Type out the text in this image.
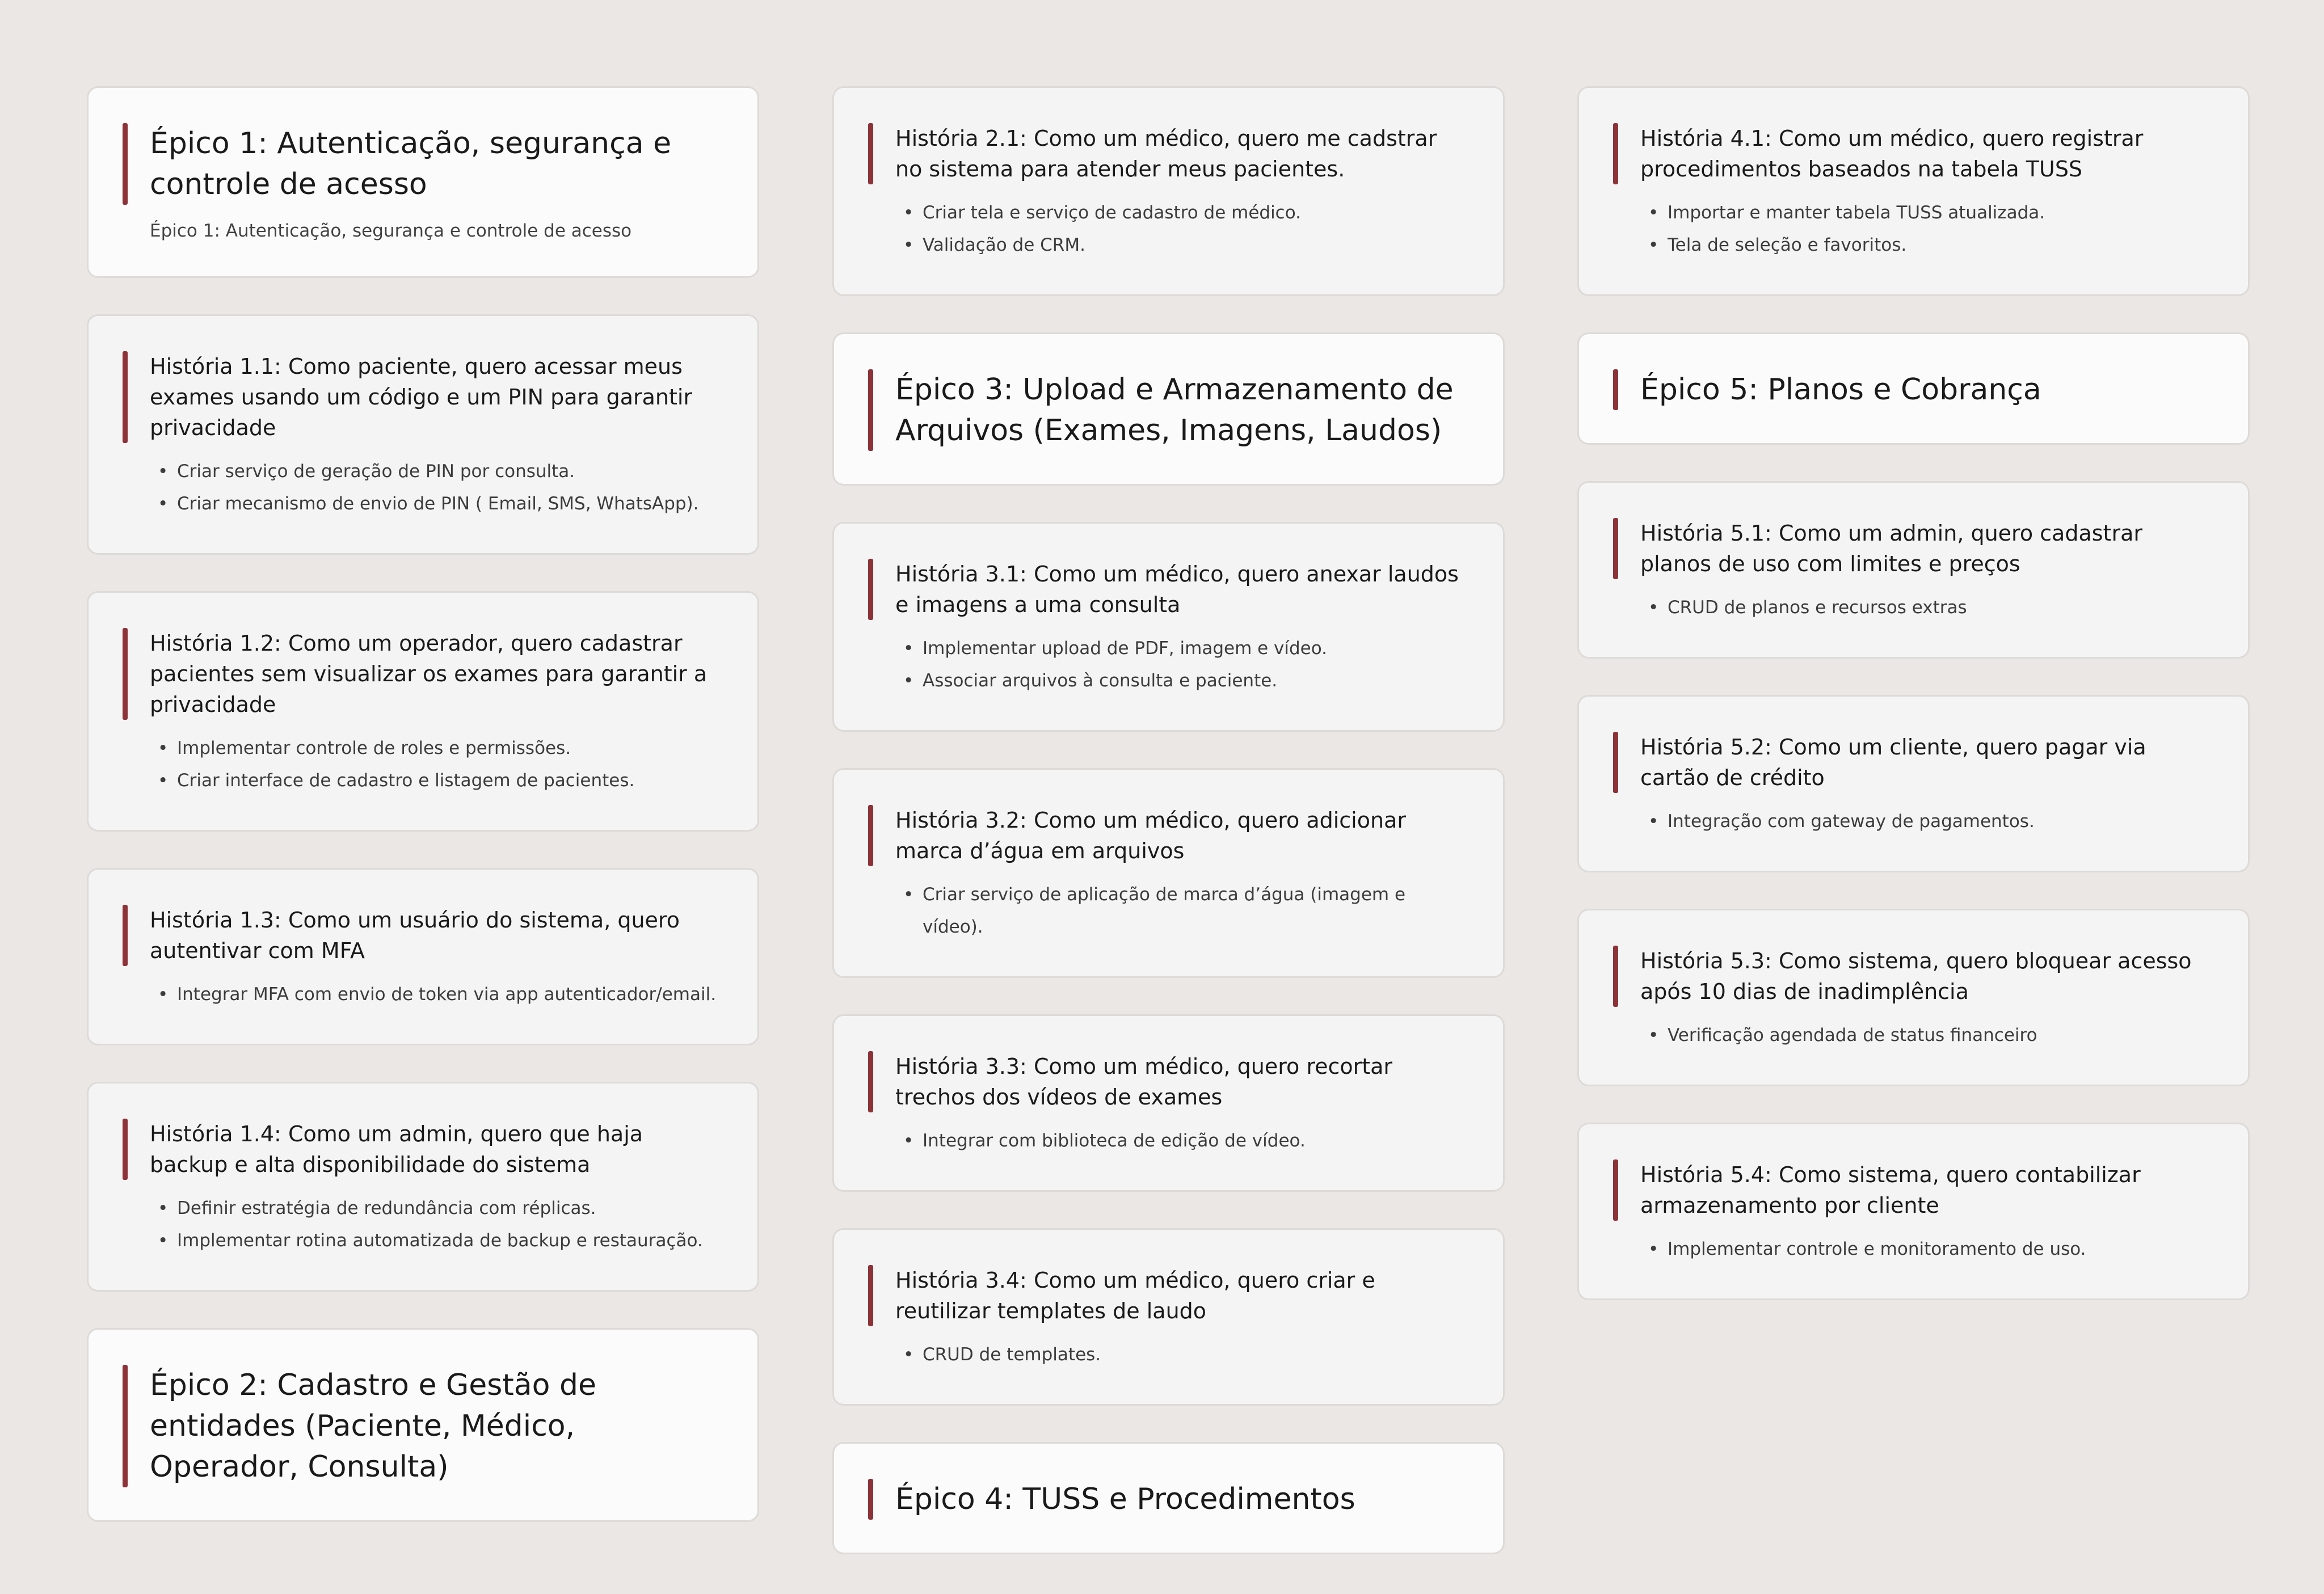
Épico 1: Autenticação, segurança e controle de acesso
Épico 1: Autenticação, segurança e controle de acesso
História 1.1: Como paciente, quero acessar meus exames usando um código e um PIN para garantir privacidade
• Criar serviço de geração de PIN por consulta.
• Criar mecanismo de envio de PIN ( Email, SMS, WhatsApp).
História 1.2: Como um operador, quero cadastrar pacientes sem visualizar os exames para garantir a privacidade
• Implementar controle de roles e permissões.
• Criar interface de cadastro e listagem de pacientes.
História 1.3: Como um usuário do sistema, quero autentivar com MFA
• Integrar MFA com envio de token via app autenticador/email.
História 1.4: Como um admin, quero que haja backup e alta disponibilidade do sistema
• Definir estratégia de redundância com réplicas.
• Implementar rotina automatizada de backup e restauração.
Épico 2: Cadastro e Gestão de entidades (Paciente, Médico, Operador, Consulta)
História 2.1: Como um médico, quero me cadstrar no sistema para atender meus pacientes.
• Criar tela e serviço de cadastro de médico.
• Validação de CRM.
Épico 3: Upload e Armazenamento de Arquivos (Exames, Imagens, Laudos)
História 3.1: Como um médico, quero anexar laudos e imagens a uma consulta
• Implementar upload de PDF, imagem e vídeo.
• Associar arquivos à consulta e paciente.
História 3.2: Como um médico, quero adicionar marca d’água em arquivos
• Criar serviço de aplicação de marca d’água (imagem e vídeo).
História 3.3: Como um médico, quero recortar trechos dos vídeos de exames
• Integrar com biblioteca de edição de vídeo.
História 3.4: Como um médico, quero criar e reutilizar templates de laudo
• CRUD de templates.
Épico 4: TUSS e Procedimentos
História 4.1: Como um médico, quero registrar procedimentos baseados na tabela TUSS
• Importar e manter tabela TUSS atualizada.
• Tela de seleção e favoritos.
Épico 5: Planos e Cobrança
História 5.1: Como um admin, quero cadastrar planos de uso com limites e preços
• CRUD de planos e recursos extras
História 5.2: Como um cliente, quero pagar via cartão de crédito
• Integração com gateway de pagamentos.
História 5.3: Como sistema, quero bloquear acesso após 10 dias de inadimplência
• Verificação agendada de status financeiro
História 5.4: Como sistema, quero contabilizar armazenamento por cliente
• Implementar controle e monitoramento de uso.
